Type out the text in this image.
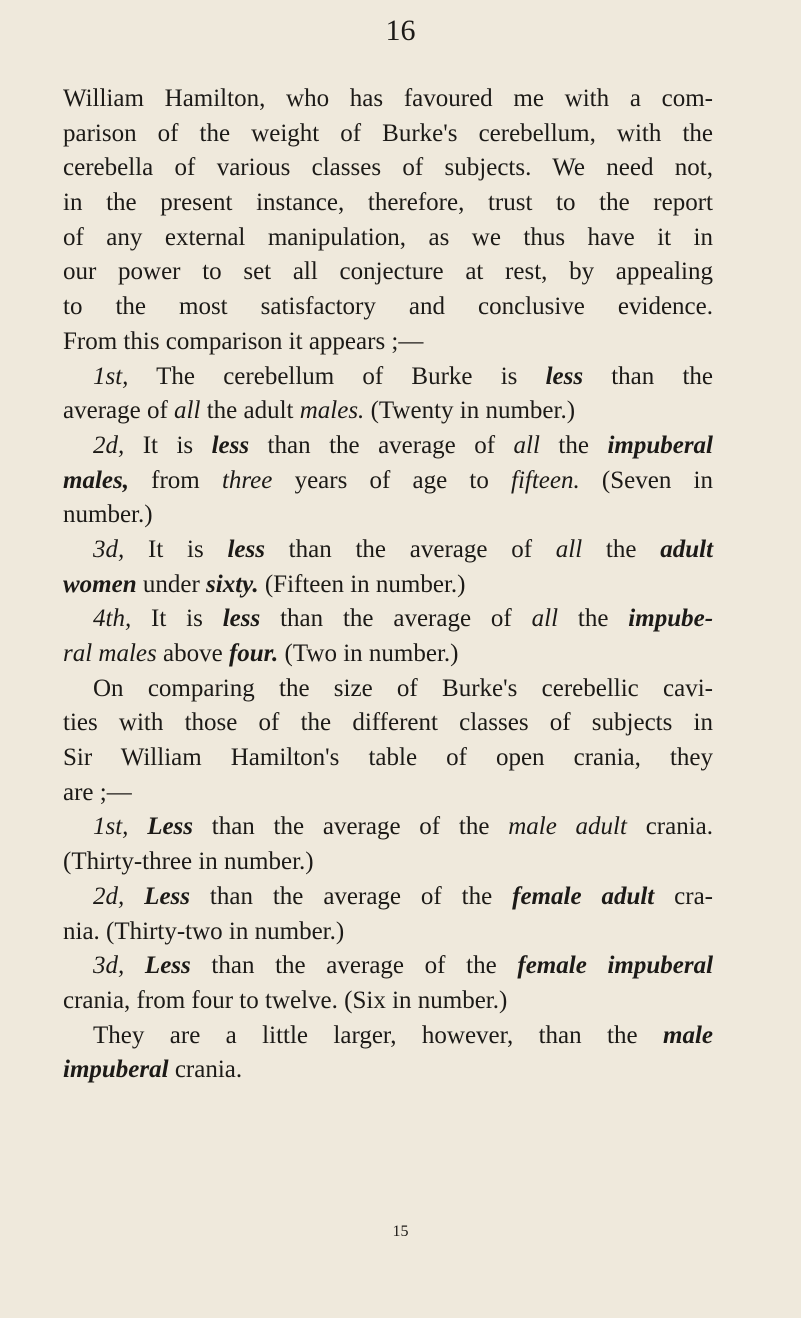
16
William Hamilton, who has favoured me with a com-
parison of the weight of Burke's cerebellum, with the
cerebella of various classes of subjects. We need not,
in the present instance, therefore, trust to the report
of any external manipulation, as we thus have it in
our power to set all conjecture at rest, by appealing
to the most satisfactory and conclusive evidence.
From this comparison it appears ;—
1st, The cerebellum of Burke is less than the
average of all the adult males. (Twenty in number.)
2d, It is less than the average of all the impuberal
males, from three years of age to fifteen. (Seven in
number.)
3d, It is less than the average of all the adult
women under sixty. (Fifteen in number.)
4th, It is less than the average of all the impube-
ral males above four. (Two in number.)
On comparing the size of Burke's cerebellic cavi-
ties with those of the different classes of subjects in
Sir William Hamilton's table of open crania, they
are ;—
1st, Less than the average of the male adult crania.
(Thirty-three in number.)
2d, Less than the average of the female adult cra-
nia. (Thirty-two in number.)
3d, Less than the average of the female impuberal
crania, from four to twelve. (Six in number.)
They are a little larger, however, than the male
impuberal crania.
15
